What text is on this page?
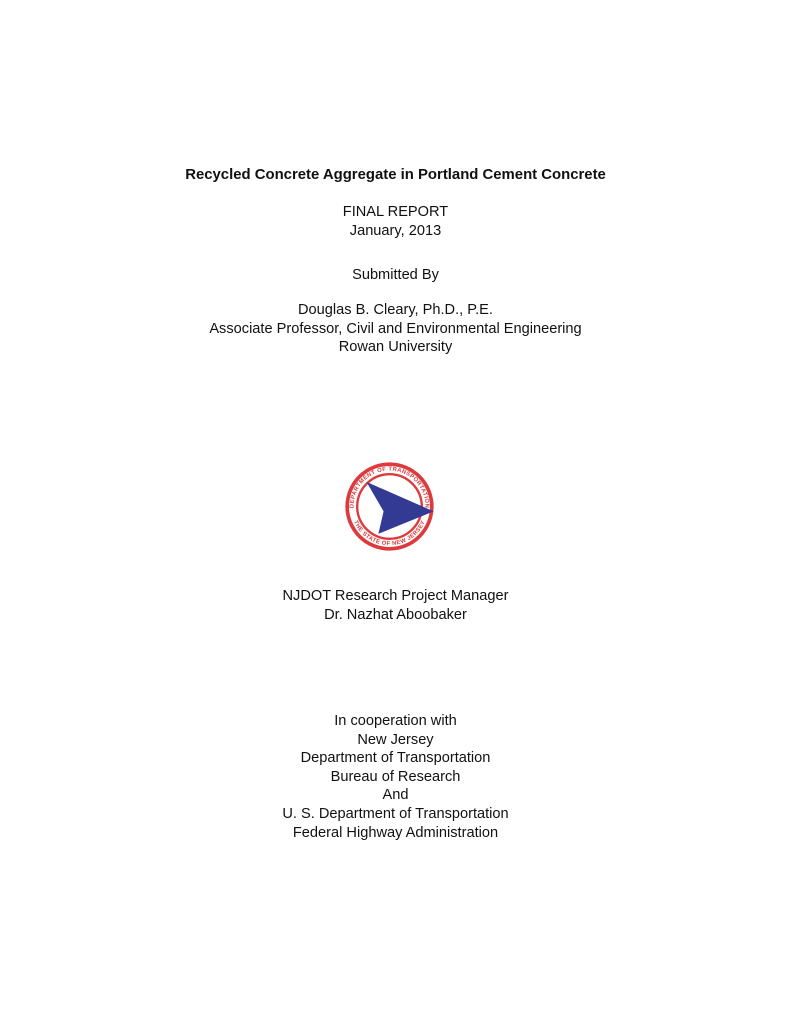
Recycled Concrete Aggregate in Portland Cement Concrete
FINAL REPORT
January, 2013
Submitted By
Douglas B. Cleary, Ph.D., P.E.
Associate Professor, Civil and Environmental Engineering
Rowan University
DEPARTMENT OF TRANSPORTATION
THE STATE OF NEW JERSEY
NJDOT Research Project Manager
Dr. Nazhat Aboobaker
In cooperation with
New Jersey
Department of Transportation
Bureau of Research
And
U. S. Department of Transportation
Federal Highway Administration
